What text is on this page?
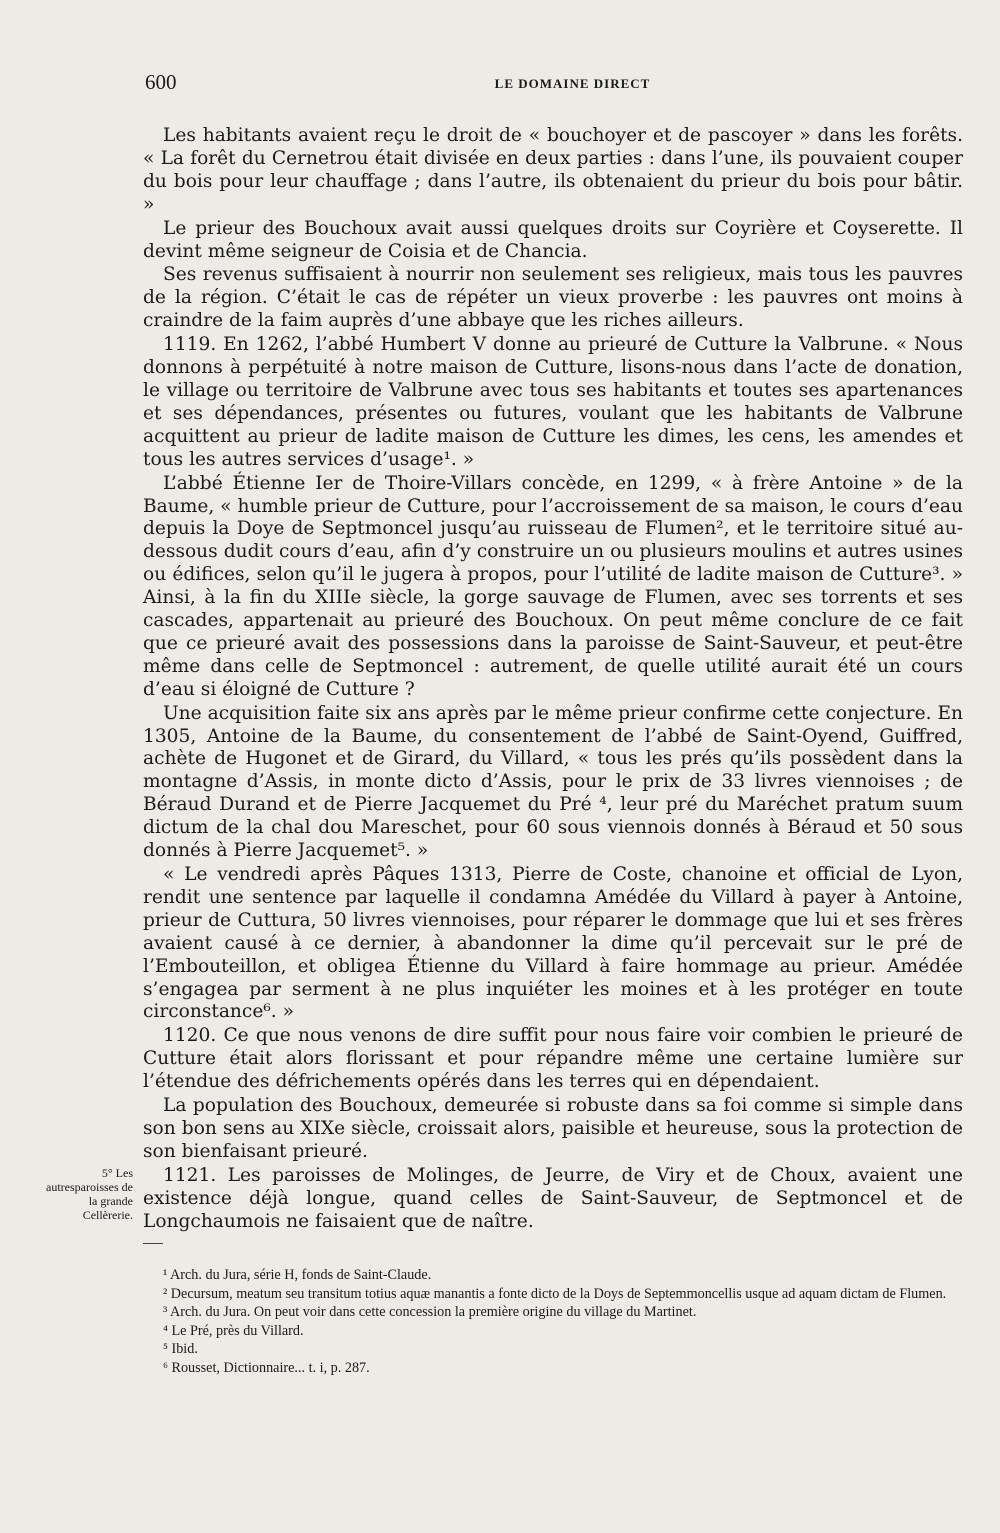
600	LE DOMAINE DIRECT

Les habitants avaient reçu le droit de « bouchoyer et de pascoyer » dans les forêts. « La forêt du Cernetrou était divisée en deux parties : dans l’une, ils pouvaient couper du bois pour leur chauffage ; dans l’autre, ils obtenaient du prieur du bois pour bâtir. »

Le prieur des Bouchoux avait aussi quelques droits sur Coyrière et Coyserette. Il devint même seigneur de Coisia et de Chancia.

Ses revenus suffisaient à nourrir non seulement ses religieux, mais tous les pauvres de la région. C’était le cas de répéter un vieux proverbe : les pauvres ont moins à craindre de la faim auprès d’une abbaye que les riches ailleurs.

1119. En 1262, l’abbé Humbert V donne au prieuré de Cutture la Valbrune. « Nous donnons à perpétuité à notre maison de Cutture, lisons-nous dans l’acte de donation, le village ou territoire de Valbrune avec tous ses habitants et toutes ses apartenances et ses dépendances, présentes ou futures, voulant que les habitants de Valbrune acquittent au prieur de ladite maison de Cutture les dimes, les cens, les amendes et tous les autres services d’usage¹. »

L’abbé Étienne Ier de Thoire-Villars concède, en 1299, « à frère Antoine » de la Baume, « humble prieur de Cutture, pour l’accroissement de sa maison, le cours d’eau depuis la Doye de Septmoncel jusqu’au ruisseau de Flumen², et le territoire situé au-dessous dudit cours d’eau, afin d’y construire un ou plusieurs moulins et autres usines ou édifices, selon qu’il le jugera à propos, pour l’utilité de ladite maison de Cutture³. » Ainsi, à la fin du XIIIe siècle, la gorge sauvage de Flumen, avec ses torrents et ses cascades, appartenait au prieuré des Bouchoux. On peut même conclure de ce fait que ce prieuré avait des possessions dans la paroisse de Saint-Sauveur, et peut-être même dans celle de Septmoncel : autrement, de quelle utilité aurait été un cours d’eau si éloigné de Cutture ?

Une acquisition faite six ans après par le même prieur confirme cette conjecture. En 1305, Antoine de la Baume, du consentement de l’abbé de Saint-Oyend, Guiffred, achète de Hugonet et de Girard, du Villard, « tous les prés qu’ils possèdent dans la montagne d’Assis, in monte dicto d’Assis, pour le prix de 33 livres viennoises ; de Béraud Durand et de Pierre Jacquemet du Pré ⁴, leur pré du Maréchet pratum suum dictum de la chal dou Mareschet, pour 60 sous viennois donnés à Béraud et 50 sous donnés à Pierre Jacquemet⁵. »

« Le vendredi après Pâques 1313, Pierre de Coste, chanoine et official de Lyon, rendit une sentence par laquelle il condamna Amédée du Villard à payer à Antoine, prieur de Cuttura, 50 livres viennoises, pour réparer le dommage que lui et ses frères avaient causé à ce dernier, à abandonner la dime qu’il percevait sur le pré de l’Embouteillon, et obligea Étienne du Villard à faire hommage au prieur. Amédée s’engagea par serment à ne plus inquiéter les moines et à les protéger en toute circonstance⁶. »

1120. Ce que nous venons de dire suffit pour nous faire voir combien le prieuré de Cutture était alors florissant et pour répandre même une certaine lumière sur l’étendue des défrichements opérés dans les terres qui en dépendaient.

La population des Bouchoux, demeurée si robuste dans sa foi comme si simple dans son bon sens au XIXe siècle, croissait alors, paisible et heureuse, sous la protection de son bienfaisant prieuré.

1121. Les paroisses de Molinges, de Jeurre, de Viry et de Choux, avaient une existence déjà longue, quand celles de Saint-Sauveur, de Septmoncel et de Longchaumois ne faisaient que de naître.

5° Les autresparoisses de la grande Cellèrerie.
¹ Arch. du Jura, série H, fonds de Saint-Claude.
² Decursum, meatum seu transitum totius aquæ manantis a fonte dicto de la Doys de Septemmoncellis usque ad aquam dictam de Flumen.
³ Arch. du Jura. On peut voir dans cette concession la première origine du village du Martinet.
⁴ Le Pré, près du Villard.
⁵ Ibid.
⁶ Rousset, Dictionnaire... t. i, p. 287.
